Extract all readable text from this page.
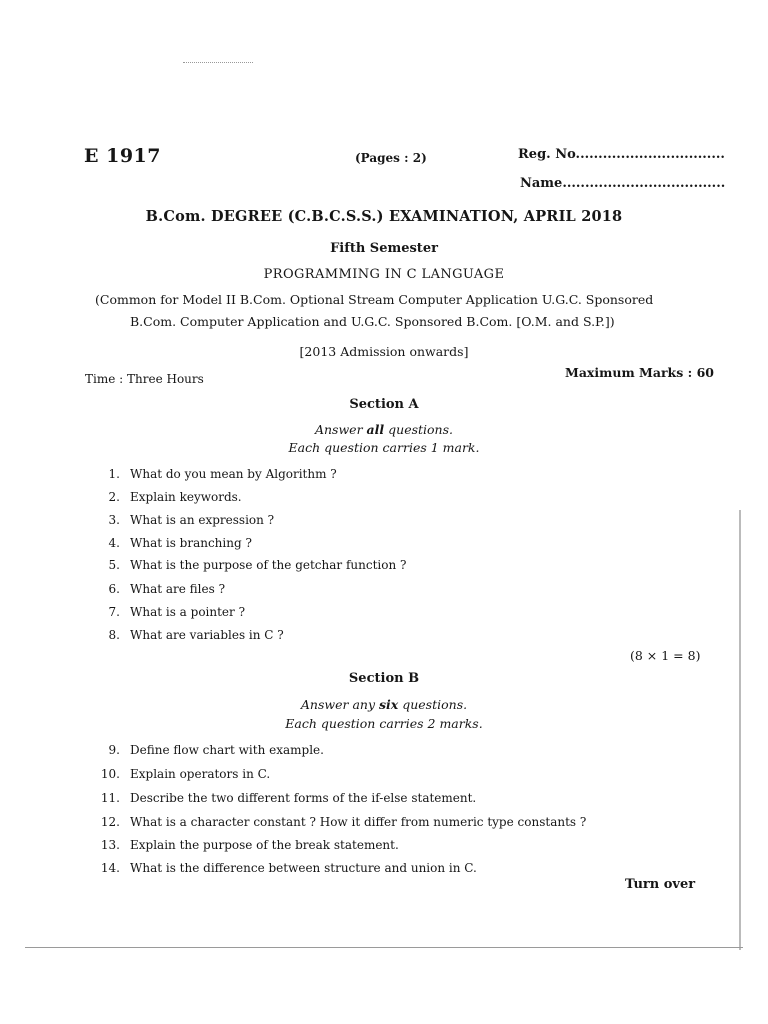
E 1917	(Pages : 2)	Reg. No.................................
Name....................................
B.Com. DEGREE (C.B.C.S.S.) EXAMINATION, APRIL 2018
Fifth Semester
PROGRAMMING IN C LANGUAGE
(Common for Model II B.Com. Optional Stream Computer Application U.G.C. Sponsored
B.Com. Computer Application and U.G.C. Sponsored B.Com. [O.M. and S.P.])
[2013 Admission onwards]
Time : Three Hours	Maximum Marks : 60
Section A
Answer all questions.
Each question carries 1 mark.
1. What do you mean by Algorithm ?
2. Explain keywords.
3. What is an expression ?
4. What is branching ?
5. What is the purpose of the getchar function ?
6. What are files ?
7. What is a pointer ?
8. What are variables in C ?
(8 × 1 = 8)
Section B
Answer any six questions.
Each question carries 2 marks.
9. Define flow chart with example.
10. Explain operators in C.
11. Describe the two different forms of the if-else statement.
12. What is a character constant ? How it differ from numeric type constants ?
13. Explain the purpose of the break statement.
14. What is the difference between structure and union in C.
Turn over
